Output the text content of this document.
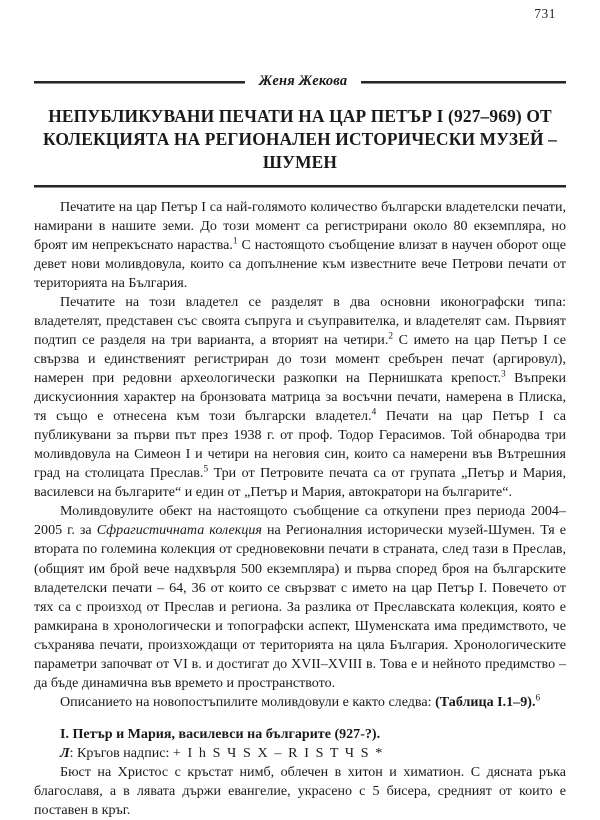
731
Женя Жекова
НЕПУБЛИКУВАНИ ПЕЧАТИ НА ЦАР ПЕТЪР I (927–969) ОТ КОЛЕКЦИЯТА НА РЕГИОНАЛЕН ИСТОРИЧЕСКИ МУЗЕЙ – ШУМЕН

Печатите на цар Петър I са най-голямото количество български владетелски печати, намирани в нашите земи. До този момент са регистрирани около 80 екземпляра, но броят им непрекъснато нараства.$^1$ С настоящото съобщение влизат в научен оборот още девет нови моливдовула, които са допълнение към известните вече Петрови печати от територията на България.

Печатите на този владетел се разделят в два основни иконографски типа: владетелят, представен със своята съпруга и съуправителка, и владетелят сам. Първият подтип се разделя на три варианта, а вторият на четири.$^2$ С името на цар Петър I се свързва и единственият регистриран до този момент сребърен печат (аргировул), намерен при редовни археологически разкопки на Пернишката крепост.$^3$ Въпреки дискусионния характер на бронзовата матрица за восъчни печати, намерена в Плиска, тя също е отнесена към този български владетел.$^4$ Печати на цар Петър I са публикувани за първи път през 1938 г. от проф. Тодор Герасимов. Той обнародва три моливдовула на Симеон I и четири на неговия син, които са намерени във Вътрешния град на столицата Преслав.$^5$ Три от Петровите печата са от групата „Петър и Мария, василевси на българите“ и един от „Петър и Мария, автократори на българите“.

Моливдовулите обект на настоящото съобщение са откупени през периода 2004–2005 г. за Сфрагистичната колекция на Регионалния исторически музей-Шумен. Тя е втората по големина колекция от средновековни печати в страната, след тази в Преслав, (общият им брой вече надхвърля 500 екземпляра) и първа според броя на българските владетелски печати – 64, 36 от които се свързват с името на цар Петър I. Повечето от тях са с произход от Преслав и региона. За разлика от Преславската колекция, която е рамкирана в хронологически и топографски аспект, Шуменската има предимството, че съхранява печати, произхождащи от територията на цяла България. Хронологическите параметри започват от VI в. и достигат до XVII–XVIII в. Това е и нейното предимство – да бъде динамична във времето и пространството.

Описанието на новопостъпилите моливдовули е както следва: (Таблица I.1–9).$^6$

I. Петър и Мария, василевси на българите (927-?).

Л: Кръгов надпис: + I h S Ч S X – R I S T Ч S *

Бюст на Христос с кръстат нимб, облечен в хитон и химатион. С дясната ръка благославя, а в лявата държи евангелие, украсено с 5 бисера, средният от които е поставен в кръг.
